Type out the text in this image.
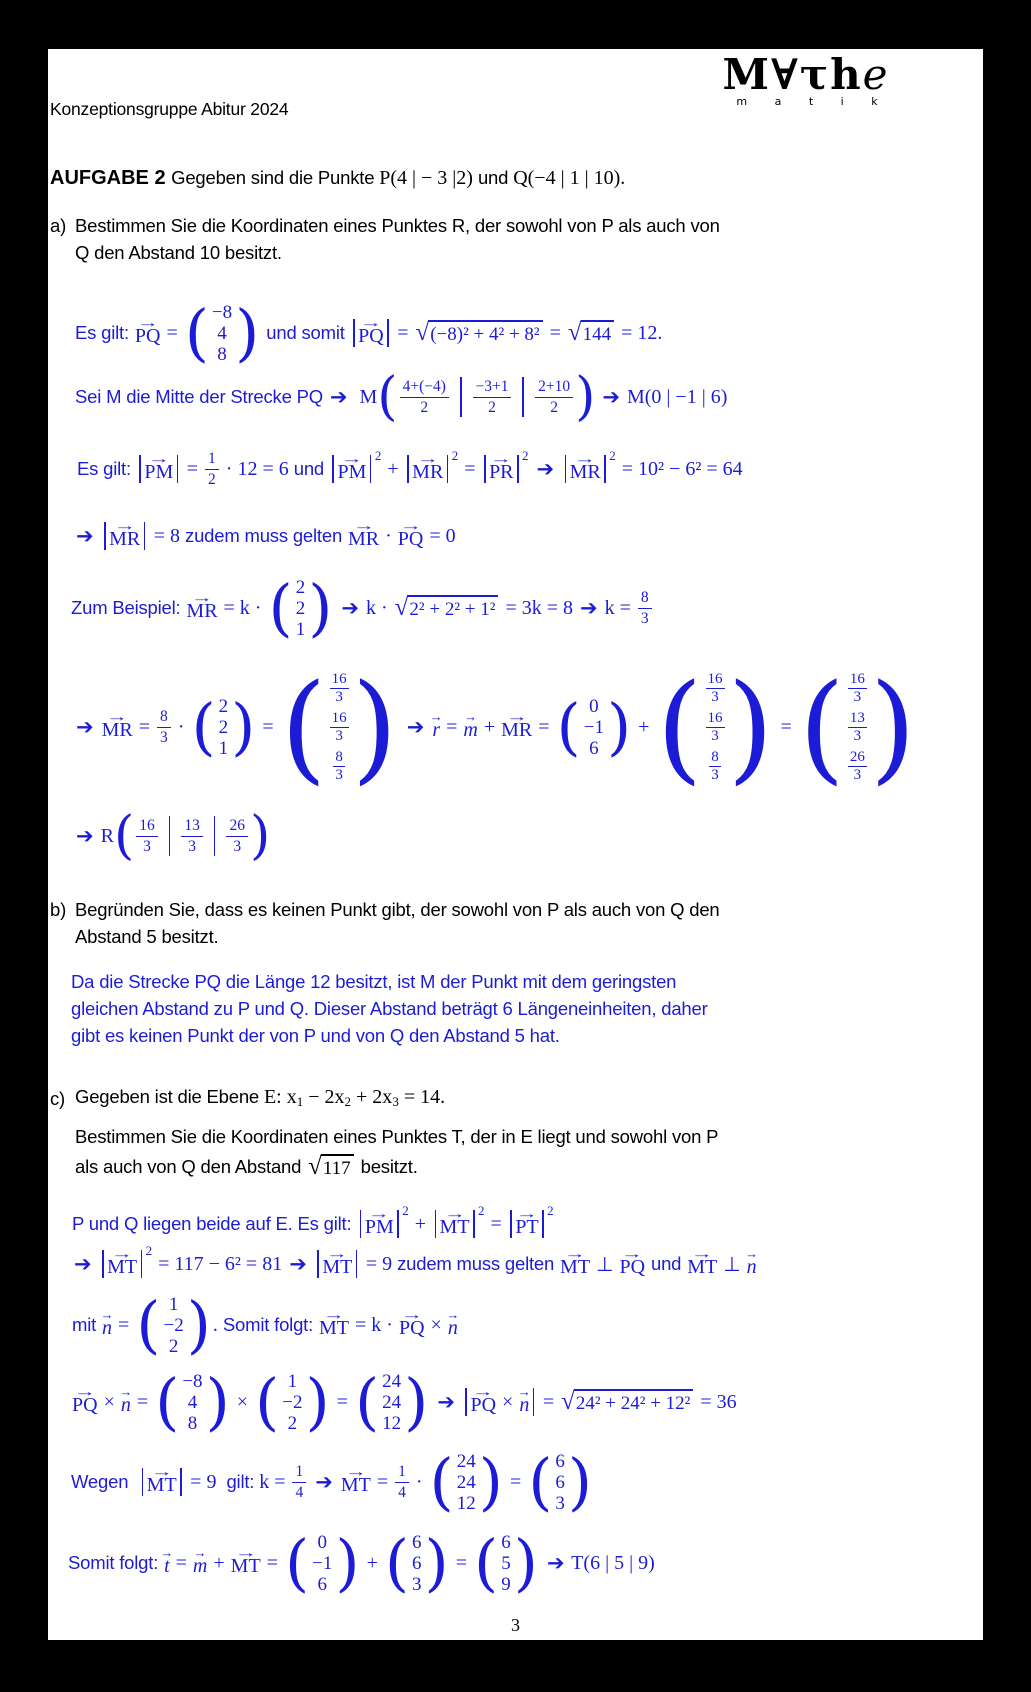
Konzeptionsgruppe Abitur 2024
M∀τhe
m a t i k
AUFGABE 2 Gegeben sind die Punkte P(4 | − 3 |2) und Q(−4 | 1 | 10).
a) Bestimmen Sie die Koordinaten eines Punktes R, der sowohl von P als auch von
Q den Abstand 10 besitzt.
Es gilt: PQ → = ( −8
4
8 ) und somit PQ → = √ (−8)² + 4² + 8² = √ 144 = 12.
Sei M die Mitte der Strecke PQ ➔ M ( $\frac{4+(-4)}{2} \frac{-3+1}{2} \frac{2+10}{2}$ )
➔ M(0 | −1 | 6)
Es gilt: PM → = $\frac{1}{2} \cdot 12 = 6$ und PM →
$^2$
+ MR →
$^2$
= PR →
$^2$

➔
MR →
$^2$
= 10² − 6² = 64
➔
MR → = 8 zudem muss gelten MR → · PQ → = 0
Zum Beispiel: MR → = k · ( 2
2
1 )
➔ k · √ 2² + 2² + 1² = 3k = 8 ➔ $k = \frac{8}{3}$
➔
MR → = $\frac{8}{3}$ · ( 2
2
1 ) = ( $\frac{16}{3}$
$\frac{16}{3}$
$\frac{8}{3}$ )
➔
r → = m → + MR → = ( 0
−1
6 ) + ( $\frac{16}{3}$
$\frac{16}{3}$
$\frac{8}{3}$ ) = ( $\frac{16}{3}$
$\frac{13}{3}$
$\frac{26}{3}$ )
➔ R ( $\frac{16}{3} \frac{13}{3} \frac{26}{3}$ )
b) Begründen Sie, dass es keinen Punkt gibt, der sowohl von P als auch von Q den
Abstand 5 besitzt.
Da die Strecke PQ die Länge 12 besitzt, ist M der Punkt mit dem geringsten
gleichen Abstand zu P und Q. Dieser Abstand beträgt 6 Längeneinheiten, daher
gibt es keinen Punkt der von P und von Q den Abstand 5 hat.
c) Gegeben ist die Ebene E: x $_1$ − 2x $_2$ + 2x $_3$ = 14.
Bestimmen Sie die Koordinaten eines Punktes T, der in E liegt und sowohl von P
als auch von Q den Abstand √ 117 besitzt.
P und Q liegen beide auf E. Es gilt: PM →
$^2$
+ MT →
$^2$
= PT →
$^2$
➔
MT →
$^2$
= 117 − 6² = 81 ➔
MT → = 9 zudem muss gelten MT → ⊥ PQ → und MT → ⊥ n →
mit n → = ( 1
−2
2 ) . Somit folgt: MT → = k · PQ → × n →
PQ → × n → = ( −8
4
8 ) × ( 1
−2
2 ) = ( 24
24
12 )
➔
PQ → × n → = √ 24² + 24² + 12² = 36
Wegen MT → = 9 gilt: $k = \frac{1}{4}$
➔
MT → = $\frac{1}{4}$ · ( 24
24
12 ) = ( 6
6
3 )
Somit folgt: t → = m → + MT → = ( 0
−1
6 ) + ( 6
6
3 ) = ( 6
5
9 )
➔ T(6 | 5 | 9)
3
